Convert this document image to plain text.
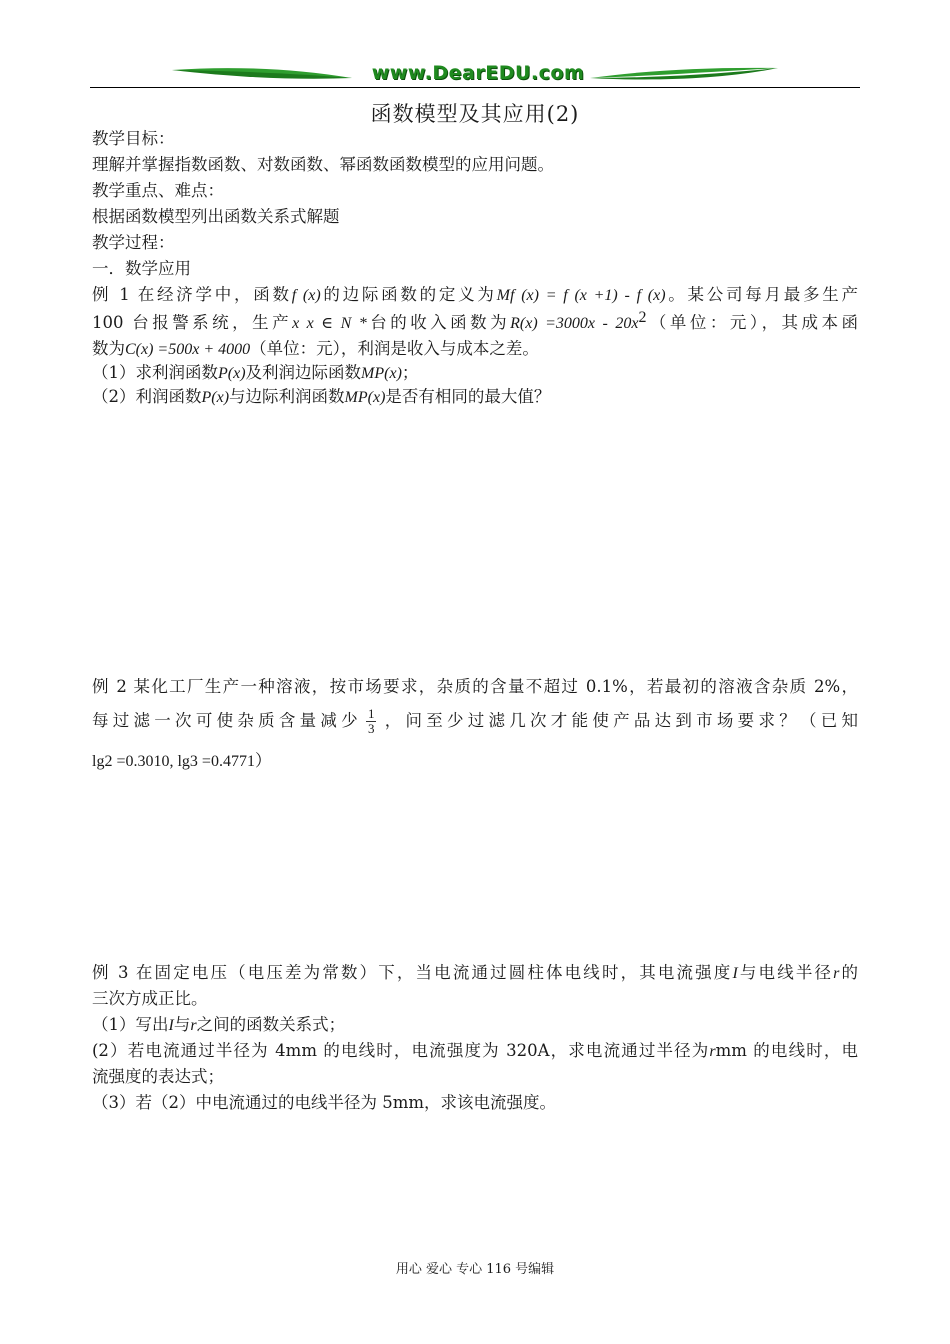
www.DearEDU.com
函数模型及其应用(2)
教学目标：
理解并掌握指数函数、对数函数、幂函数函数模型的应用问题。
教学重点、难点：
根据函数模型列出函数关系式解题
教学过程：
一．数学应用
例 1 在经济学中，函数f (x)的边际函数的定义为Mf (x) = f (x +1) - f (x)。某公司每月最多生产
100 台报警系统，生产x x ∈ N *台的收入函数为$R(x) =3000x - 20x^2$（单位：元），其成本函
数为C(x) =500x + 4000（单位：元），利润是收入与成本之差。
（1）求利润函数P(x)及利润边际函数MP(x)；
（2）利润函数P(x)与边际利润函数MP(x)是否有相同的最大值？
例 2 某化工厂生产一种溶液，按市场要求，杂质的含量不超过 0.1%，若最初的溶液含杂质 2%，
每过滤一次可使杂质含量减少 $\frac{1}{3}$ ，问至少过滤几次才能使产品达到市场要求？（已知
lg2 =0.3010, lg3 =0.4771）
例 3 在固定电压（电压差为常数）下，当电流通过圆柱体电线时，其电流强度I与电线半径r的
三次方成正比。
（1）写出I与r之间的函数关系式；
(2）若电流通过半径为 4mm 的电线时，电流强度为 320A，求电流通过半径为rmm 的电线时，电
流强度的表达式；
（3）若（2）中电流通过的电线半径为 5mm，求该电流强度。
用心 爱心 专心 116 号编辑
